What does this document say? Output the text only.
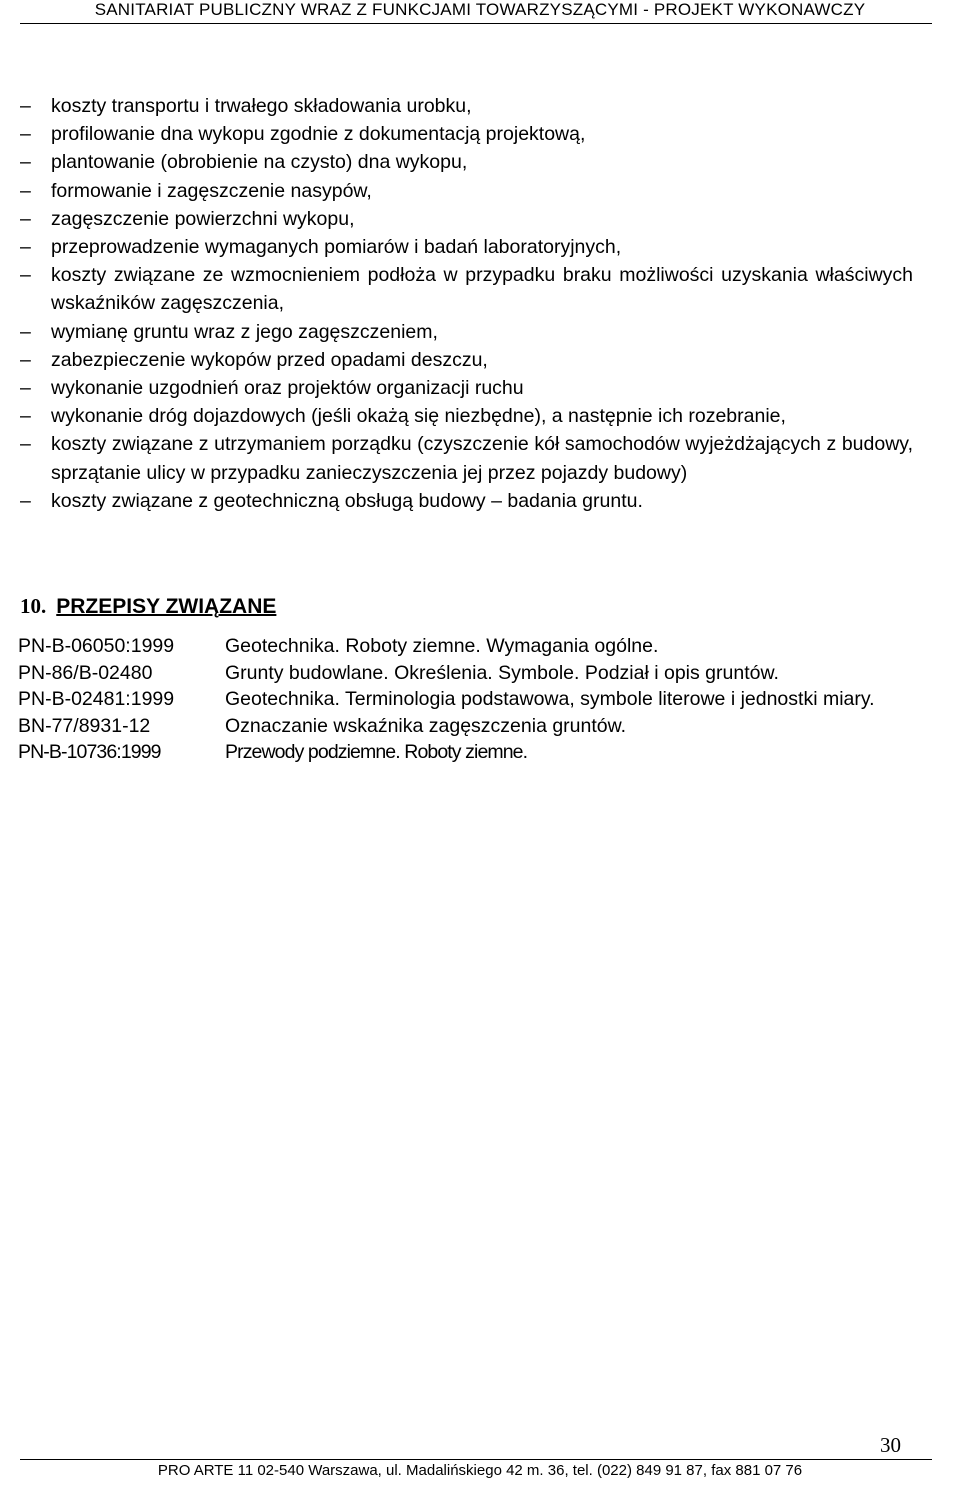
SANITARIAT PUBLICZNY WRAZ Z FUNKCJAMI TOWARZYSZĄCYMI - PROJEKT WYKONAWCZY
–	koszty transportu i trwałego składowania urobku,
–	profilowanie dna wykopu zgodnie z dokumentacją projektową,
–	plantowanie (obrobienie na czysto) dna wykopu,
–	formowanie i zagęszczenie nasypów,
–	zagęszczenie powierzchni wykopu,
–	przeprowadzenie wymaganych pomiarów i badań laboratoryjnych,
–	koszty związane ze wzmocnieniem podłoża w przypadku braku możliwości uzyskania właściwych wskaźników zagęszczenia,
–	wymianę gruntu wraz z jego zagęszczeniem,
–	zabezpieczenie wykopów przed opadami deszczu,
–	wykonanie uzgodnień oraz projektów organizacji ruchu
–	wykonanie dróg dojazdowych (jeśli okażą się niezbędne), a następnie ich rozebranie,
–	koszty związane z utrzymaniem porządku (czyszczenie kół samochodów wyjeżdżających z budowy, sprzątanie ulicy w przypadku zanieczyszczenia jej przez pojazdy budowy)
–	koszty związane z geotechniczną obsługą budowy – badania gruntu.
10. PRZEPISY ZWIĄZANE

PN-B-06050:1999	Geotechnika. Roboty ziemne. Wymagania ogólne.

PN-86/B-02480	Grunty budowlane. Określenia. Symbole. Podział i opis gruntów.

PN-B-02481:1999	Geotechnika. Terminologia podstawowa, symbole literowe i jednostki miary.

BN-77/8931-12	Oznaczanie wskaźnika zagęszczenia gruntów.

PN-B-10736:1999	Przewody podziemne. Roboty ziemne.

30
PRO ARTE 11 02-540 Warszawa, ul. Madalińskiego 42 m. 36, tel. (022) 849 91 87, fax 881 07 76
